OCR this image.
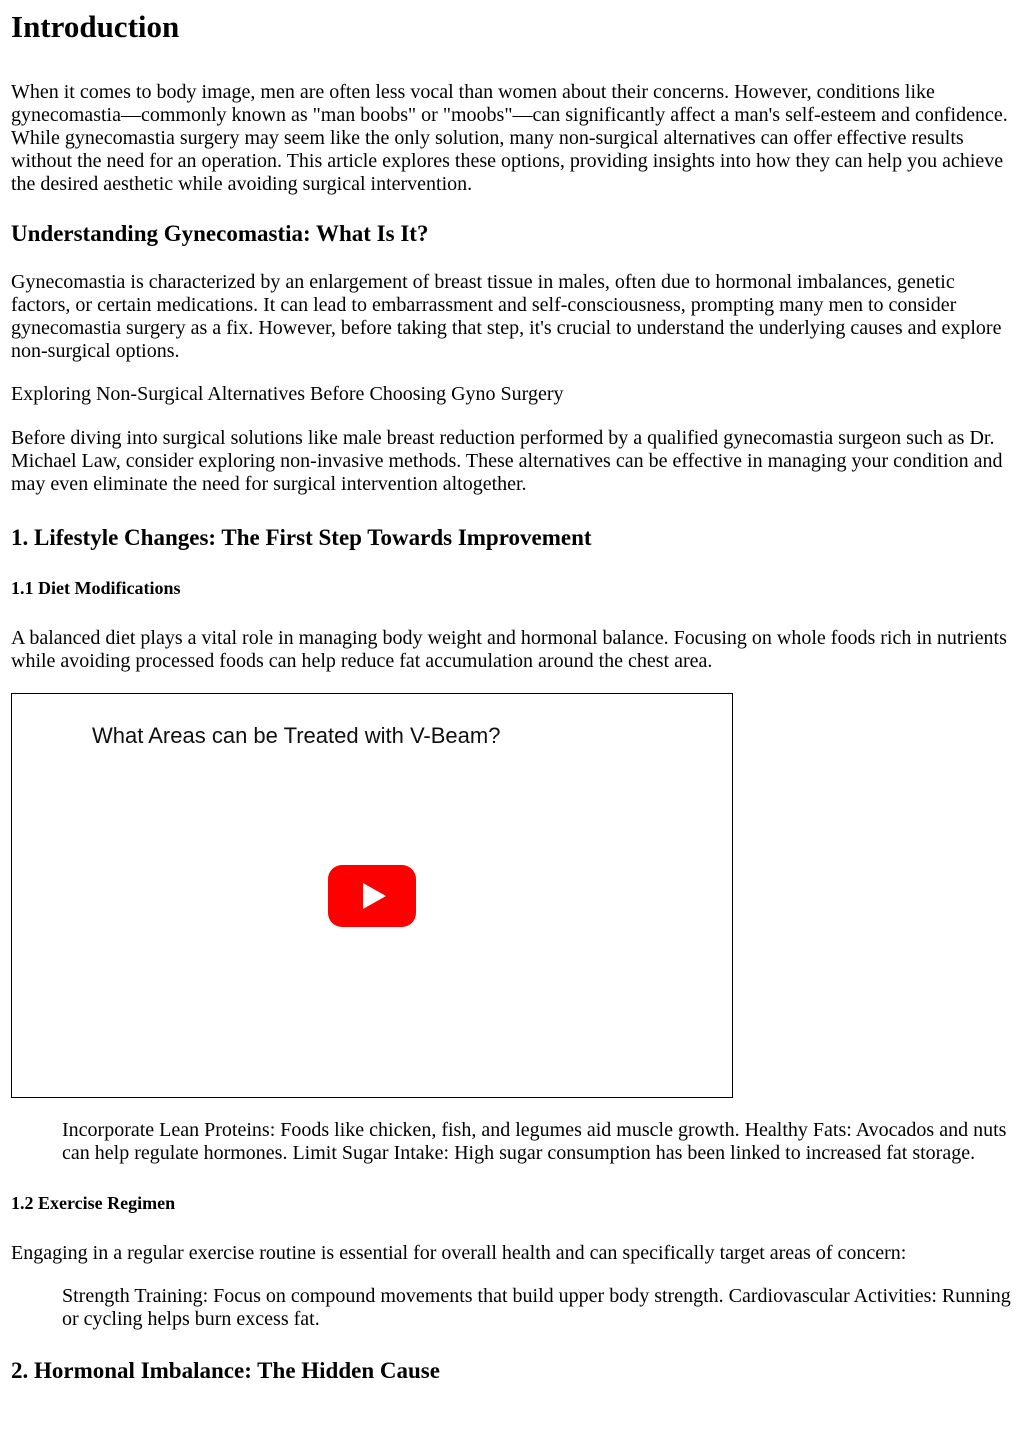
Introduction

When it comes to body image, men are often less vocal than women about their concerns. However, conditions like gynecomastia—commonly known as "man boobs" or "moobs"—can significantly affect a man's self-esteem and confidence. While gynecomastia surgery may seem like the only solution, many non-surgical alternatives can offer effective results without the need for an operation. This article explores these options, providing insights into how they can help you achieve the desired aesthetic while avoiding surgical intervention.

Understanding Gynecomastia: What Is It?

Gynecomastia is characterized by an enlargement of breast tissue in males, often due to hormonal imbalances, genetic factors, or certain medications. It can lead to embarrassment and self-consciousness, prompting many men to consider gynecomastia surgery as a fix. However, before taking that step, it's crucial to understand the underlying causes and explore non-surgical options.

Exploring Non-Surgical Alternatives Before Choosing Gyno Surgery

Before diving into surgical solutions like male breast reduction performed by a qualified gynecomastia surgeon such as Dr. Michael Law, consider exploring non-invasive methods. These alternatives can be effective in managing your condition and may even eliminate the need for surgical intervention altogether.

1. Lifestyle Changes: The First Step Towards Improvement
1.1 Diet Modifications

A balanced diet plays a vital role in managing body weight and hormonal balance. Focusing on whole foods rich in nutrients while avoiding processed foods can help reduce fat accumulation around the chest area.

What Areas can be Treated with V-Beam?

Incorporate Lean Proteins: Foods like chicken, fish, and legumes aid muscle growth. Healthy Fats: Avocados and nuts can help regulate hormones. Limit Sugar Intake: High sugar consumption has been linked to increased fat storage.

1.2 Exercise Regimen

Engaging in a regular exercise routine is essential for overall health and can specifically target areas of concern:

Strength Training: Focus on compound movements that build upper body strength. Cardiovascular Activities: Running or cycling helps burn excess fat.

2. Hormonal Imbalance: The Hidden Cause
